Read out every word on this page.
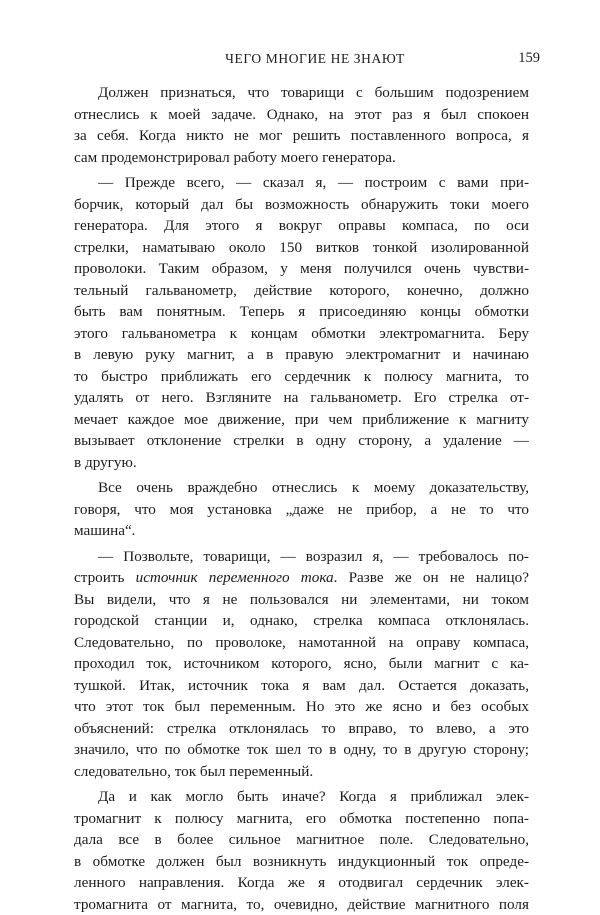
ЧЕГО МНОГИЕ НЕ ЗНАЮТ	159

Должен признаться, что товарищи с большим подозрением
отнеслись к моей задаче. Однако, на этот раз я был спокоен
за себя. Когда никто не мог решить поставленного вопроса, я
сам продемонстрировал работу моего генератора.

— Прежде всего, — сказал я, — построим с вами при-
борчик, который дал бы возможность обнаружить токи моего
генератора. Для этого я вокруг оправы компаса, по оси
стрелки, наматываю около 150 витков тонкой изолированной
проволоки. Таким образом, у меня получился очень чувстви-
тельный гальванометр, действие которого, конечно, должно
быть вам понятным. Теперь я присоединяю концы обмотки
этого гальванометра к концам обмотки электромагнита. Беру
в левую руку магнит, а в правую электромагнит и начинаю
то быстро приближать его сердечник к полюсу магнита, то
удалять от него. Взгляните на гальванометр. Его стрелка от-
мечает каждое мое движение, при чем приближение к магниту
вызывает отклонение стрелки в одну сторону, а удаление —
в другую.

Все очень враждебно отнеслись к моему доказательству,
говоря, что моя установка „даже не прибор, а не то что
машина“.

— Позвольте, товарищи, — возразил я, — требовалось по-
строить источник переменного тока. Разве же он не налицо?
Вы видели, что я не пользовался ни элементами, ни током
городской станции и, однако, стрелка компаса отклонялась.
Следовательно, по проволоке, намотанной на оправу компаса,
проходил ток, источником которого, ясно, были магнит с ка-
тушкой. Итак, источник тока я вам дал. Остается доказать,
что этот ток был переменным. Но это же ясно и без особых
объяснений: стрелка отклонялась то вправо, то влево, а это
значило, что по обмотке ток шел то в одну, то в другую сторону;
следовательно, ток был переменный.

Да и как могло быть иначе? Когда я приближал элек-
тромагнит к полюсу магнита, его обмотка постепенно попа-
дала все в более сильное магнитное поле. Следовательно,
в обмотке должен был возникнуть индукционный ток опреде-
ленного направления. Когда же я отодвигал сердечник элек-
тромагнита от магнита, то, очевидно, действие магнитного поля
